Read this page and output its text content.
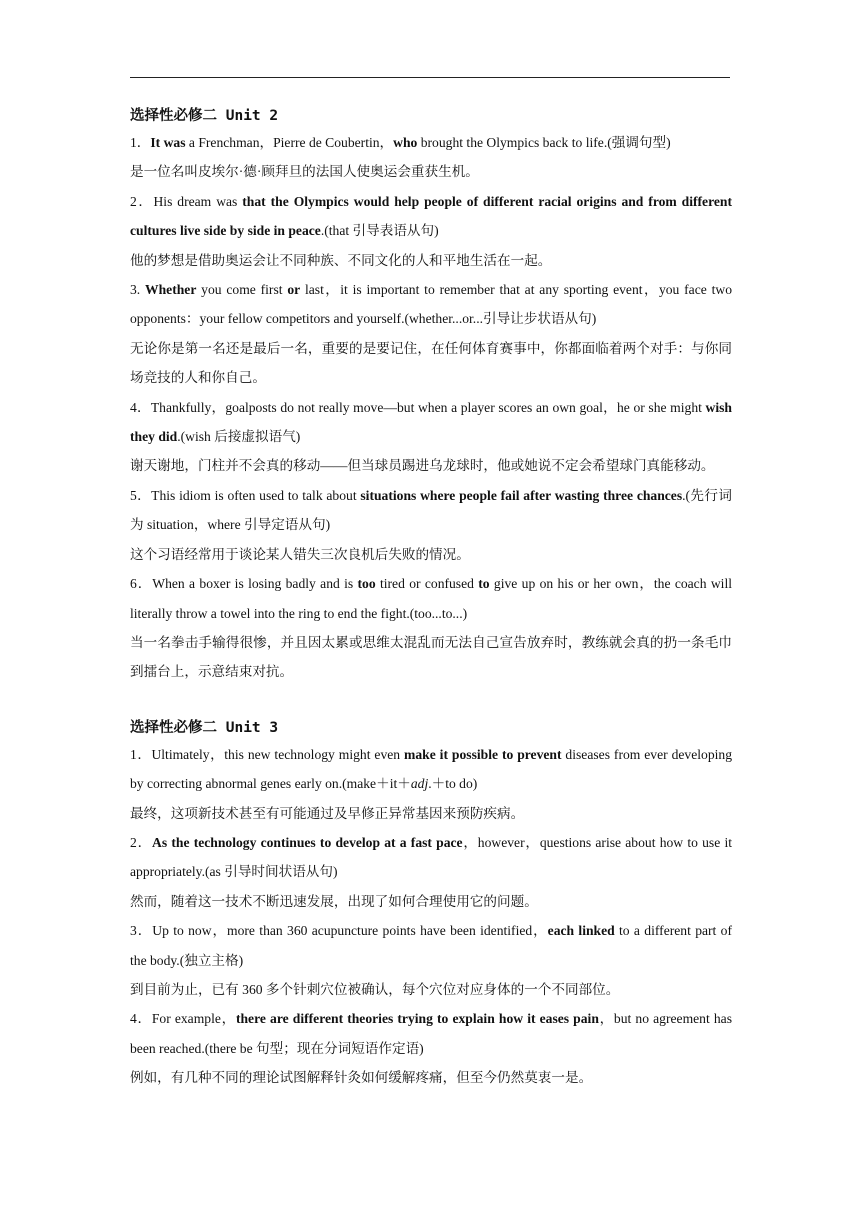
选择性必修二 Unit 2
1．It was a Frenchman，Pierre de Coubertin，who brought the Olympics back to life.(强调句型)
是一位名叫皮埃尔·德·顾拜旦的法国人使奥运会重获生机。
2．His dream was that the Olympics would help people of different racial origins and from different cultures live side by side in peace.(that 引导表语从句)
他的梦想是借助奥运会让不同种族、不同文化的人和平地生活在一起。
3. Whether you come first or last，it is important to remember that at any sporting event，you face two opponents：your fellow competitors and yourself.(whether...or...引导让步状语从句)
无论你是第一名还是最后一名，重要的是要记住，在任何体育赛事中，你都面临着两个对手：与你同场竞技的人和你自己。
4．Thankfully，goalposts do not really move—but when a player scores an own goal，he or she might wish they did.(wish 后接虚拟语气)
谢天谢地，门柱并不会真的移动——但当球员踢进乌龙球时，他或她说不定会希望球门真能移动。
5．This idiom is often used to talk about situations where people fail after wasting three chances.(先行词为 situation，where 引导定语从句)
这个习语经常用于谈论某人错失三次良机后失败的情况。
6．When a boxer is losing badly and is too tired or confused to give up on his or her own，the coach will literally throw a towel into the ring to end the fight.(too...to...)
当一名拳击手输得很惨，并且因太累或思维太混乱而无法自己宣告放弃时，教练就会真的扔一条毛巾到擂台上，示意结束对抗。
选择性必修二 Unit 3
1．Ultimately，this new technology might even make it possible to prevent diseases from ever developing by correcting abnormal genes early on.(make＋it＋adj.＋to do)
最终，这项新技术甚至有可能通过及早修正异常基因来预防疾病。
2．As the technology continues to develop at a fast pace，however，questions arise about how to use it appropriately.(as 引导时间状语从句)
然而，随着这一技术不断迅速发展，出现了如何合理使用它的问题。
3．Up to now，more than 360 acupuncture points have been identified，each linked to a different part of the body.(独立主格)
到目前为止，已有 360 多个针刺穴位被确认，每个穴位对应身体的一个不同部位。
4．For example，there are different theories trying to explain how it eases pain，but no agreement has been reached.(there be 句型；现在分词短语作定语)
例如，有几种不同的理论试图解释针灸如何缓解疼痛，但至今仍然莫衷一是。
